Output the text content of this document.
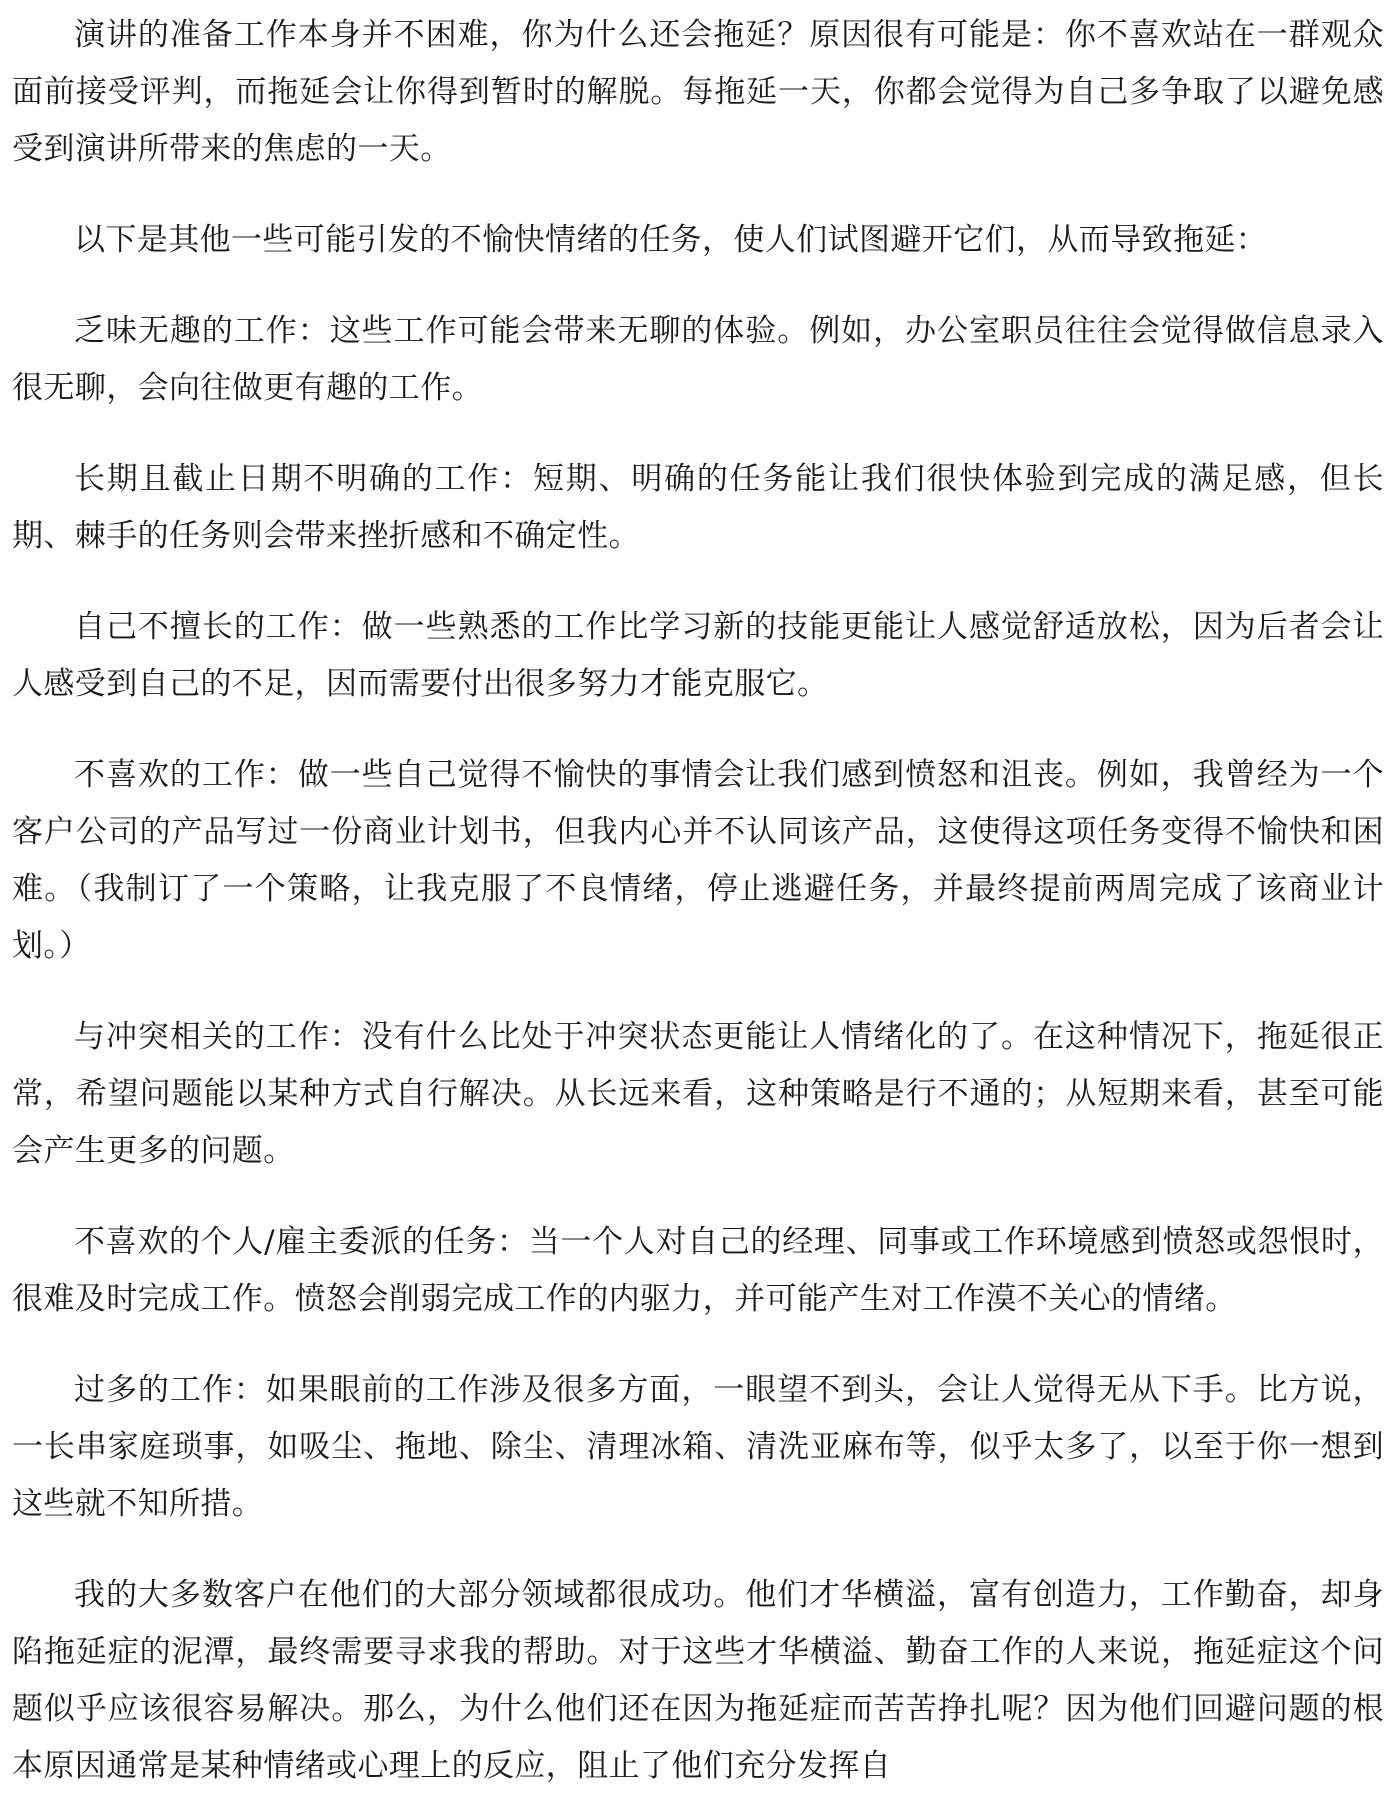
演讲的准备工作本身并不困难，你为什么还会拖延？原因很有可能是：你不喜欢站在一群观众面前接受评判，而拖延会让你得到暂时的解脱。每拖延一天，你都会觉得为自己多争取了以避免感受到演讲所带来的焦虑的一天。

以下是其他一些可能引发的不愉快情绪的任务，使人们试图避开它们，从而导致拖延：

乏味无趣的工作：这些工作可能会带来无聊的体验。例如，办公室职员往往会觉得做信息录入很无聊，会向往做更有趣的工作。

长期且截止日期不明确的工作：短期、明确的任务能让我们很快体验到完成的满足感，但长期、棘手的任务则会带来挫折感和不确定性。

自己不擅长的工作：做一些熟悉的工作比学习新的技能更能让人感觉舒适放松，因为后者会让人感受到自己的不足，因而需要付出很多努力才能克服它。

不喜欢的工作：做一些自己觉得不愉快的事情会让我们感到愤怒和沮丧。例如，我曾经为一个客户公司的产品写过一份商业计划书，但我内心并不认同该产品，这使得这项任务变得不愉快和困难。（我制订了一个策略，让我克服了不良情绪，停止逃避任务，并最终提前两周完成了该商业计划。）

与冲突相关的工作：没有什么比处于冲突状态更能让人情绪化的了。在这种情况下，拖延很正常，希望问题能以某种方式自行解决。从长远来看，这种策略是行不通的；从短期来看，甚至可能会产生更多的问题。

不喜欢的个人/雇主委派的任务：当一个人对自己的经理、同事或工作环境感到愤怒或怨恨时，很难及时完成工作。愤怒会削弱完成工作的内驱力，并可能产生对工作漠不关心的情绪。

过多的工作：如果眼前的工作涉及很多方面，一眼望不到头，会让人觉得无从下手。比方说，一长串家庭琐事，如吸尘、拖地、除尘、清理冰箱、清洗亚麻布等，似乎太多了，以至于你一想到这些就不知所措。

我的大多数客户在他们的大部分领域都很成功。他们才华横溢，富有创造力，工作勤奋，却身陷拖延症的泥潭，最终需要寻求我的帮助。对于这些才华横溢、勤奋工作的人来说，拖延症这个问题似乎应该很容易解决。那么，为什么他们还在因为拖延症而苦苦挣扎呢？因为他们回避问题的根本原因通常是某种情绪或心理上的反应，阻止了他们充分发挥自
